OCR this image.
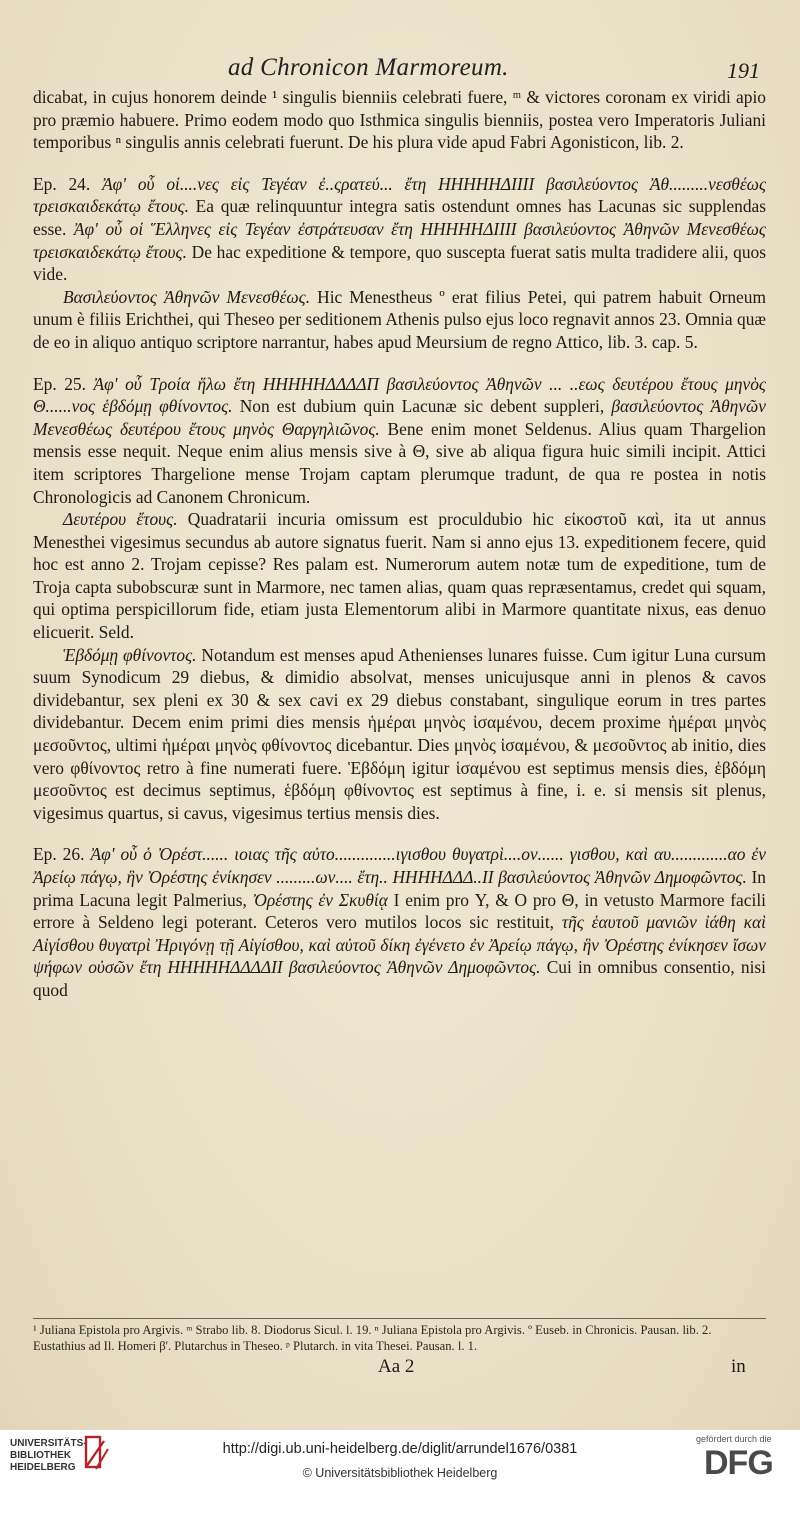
ad Chronicon Marmoreum.	191

dicabat, in cujus honorem deinde ¹ singulis bienniis celebrati fuere, ᵐ & victores coronam ex viridi apio pro præmio habuere. Primo eodem modo quo Isthmica singulis bienniis, postea vero Imperatoris Juliani temporibus ⁿ singulis annis celebrati fuerunt. De his plura vide apud Fabri Agonisticon, lib. 2.

Ep. 24. Ἀφ' οὗ οἱ....νες εἰς Τεγέαν ἐ..ςρατεύ... ἔτη ΗΗΗΗΗΔΙΙΙΙ βασιλεύοντος Ἀθ.........νεσθέως τρεισκαιδεκάτῳ ἔτους. Ea quæ relinquuntur integra satis ostendunt omnes has Lacunas sic supplendas esse. Ἀφ' οὗ οἱ Ἕλληνες εἰς Τεγέαν ἐστράτευσαν ἔτη ΗΗΗΗΗΔΙΙΙΙ βασιλεύοντος Ἀθηνῶν Μενεσθέως τρεισκαιδεκάτῳ ἔτους. De hac expeditione & tempore, quo suscepta fuerat satis multa tradidere alii, quos vide.

Βασιλεύοντος Ἀθηνῶν Μενεσθέως. Hic Menestheus º erat filius Petei, qui patrem habuit Orneum unum è filiis Erichthei, qui Theseo per seditionem Athenis pulso ejus loco regnavit annos 23. Omnia quæ de eo in aliquo antiquo scriptore narrantur, habes apud Meursium de regno Attico, lib. 3. cap. 5.

Ep. 25. Ἀφ' οὗ Τροία ἥλω ἔτη ΗΗΗΗΗΔΔΔΔΠ βασιλεύοντος Ἀθηνῶν ... ..εως δευτέρου ἔτους μηνὸς Θ......νος ἑβδόμῃ φθίνοντος. Non est dubium quin Lacunæ sic debent suppleri, βασιλεύοντος Ἀθηνῶν Μενεσθέως δευτέρου ἔτους μηνὸς Θαργηλιῶνος. Bene enim monet Seldenus. Alius quam Thargelion mensis esse nequit. Neque enim alius mensis sive à Θ, sive ab aliqua figura huic simili incipit. Attici item scriptores Thargelione mense Trojam captam plerumque tradunt, de qua re postea in notis Chronologicis ad Canonem Chronicum.

Δευτέρου ἔτους. Quadratarii incuria omissum est proculdubio hic εἰκοστοῦ καὶ, ita ut annus Menesthei vigesimus secundus ab autore signatus fuerit. Nam si anno ejus 13. expeditionem fecere, quid hoc est anno 2. Trojam cepisse? Res palam est. Numerorum autem notæ tum de expeditione, tum de Troja capta subobscuræ sunt in Marmore, nec tamen alias, quam quas repræsentamus, credet qui squam, qui optima perspicillorum fide, etiam justa Elementorum alibi in Marmore quantitate nixus, eas denuo elicuerit. Seld.

Ἑβδόμῃ φθίνοντος. Notandum est menses apud Athenienses lunares fuisse. Cum igitur Luna cursum suum Synodicum 29 diebus, & dimidio absolvat, menses unicujusque anni in plenos & cavos dividebantur, sex pleni ex 30 & sex cavi ex 29 diebus constabant, singulique eorum in tres partes dividebantur. Decem enim primi dies mensis ἡμέραι μηνὸς ἱσαμένου, decem proxime ἡμέραι μηνὸς μεσοῦντος, ultimi ἡμέραι μηνὸς φθίνοντος dicebantur. Dies μηνὸς ἱσαμένου, & μεσοῦντος ab initio, dies vero φθίνοντος retro à fine numerati fuere. Ἑβδόμη igitur ἱσαμένου est septimus mensis dies, ἑβδόμη μεσοῦντος est decimus septimus, ἑβδόμη φθίνοντος est septimus à fine, i. e. si mensis sit plenus, vigesimus quartus, si cavus, vigesimus tertius mensis dies.

Ep. 26. Ἀφ' οὗ ὁ Ὀρέστ...... ιοιας τῆς αὐτο..............ιγισθου θυγατρὶ....ον...... γισθου, καὶ αυ.............αο ἐν Ἀρείῳ πάγῳ, ἣν Ὀρέστης ἐνίκησεν .........ων.... ἔτη.. ΗΗΗΗΔΔΔ..ΙΙ βασιλεύοντος Ἀθηνῶν Δημοφῶντος. In prima Lacuna legit Palmerius, Ὀρέστης ἐν Σκυθίᾳ I enim pro Υ, & Ο pro Θ, in vetusto Marmore facili errore à Seldeno legi poterant. Ceteros vero mutilos locos sic restituit, τῆς ἑαυτοῦ μανιῶν ἰάθη καὶ Αἰγίσθου θυγατρὶ Ἠριγόνῃ τῇ Αἰγίσθου, καὶ αὐτοῦ δίκη ἐγένετο ἐν Ἀρείῳ πάγῳ, ἣν Ὀρέστης ἐνίκησεν ἴσων ψήφων οὐσῶν ἔτη ΗΗΗΗΗΔΔΔΔΙΙ βασιλεύοντος Ἀθηνῶν Δημοφῶντος. Cui in omnibus consentio, nisi quod

¹ Juliana Epistola pro Argivis. ᵐ Strabo lib. 8. Diodorus Sicul. l. 19. ⁿ Juliana Epistola pro Argivis. º Euseb. in Chronicis. Pausan. lib. 2. Eustathius ad Il. Homeri β'. Plutarchus in Theseo. ᵖ Plutarch. in vita Thesei. Pausan. l. 1.

Aa 2	in
UNIVERSITÄTS-
BIBLIOTHEK
HEIDELBERG
http://digi.ub.uni-heidelberg.de/diglit/arrundel1676/0381
© Universitätsbibliothek Heidelberg
gefördert durch die
DFG
